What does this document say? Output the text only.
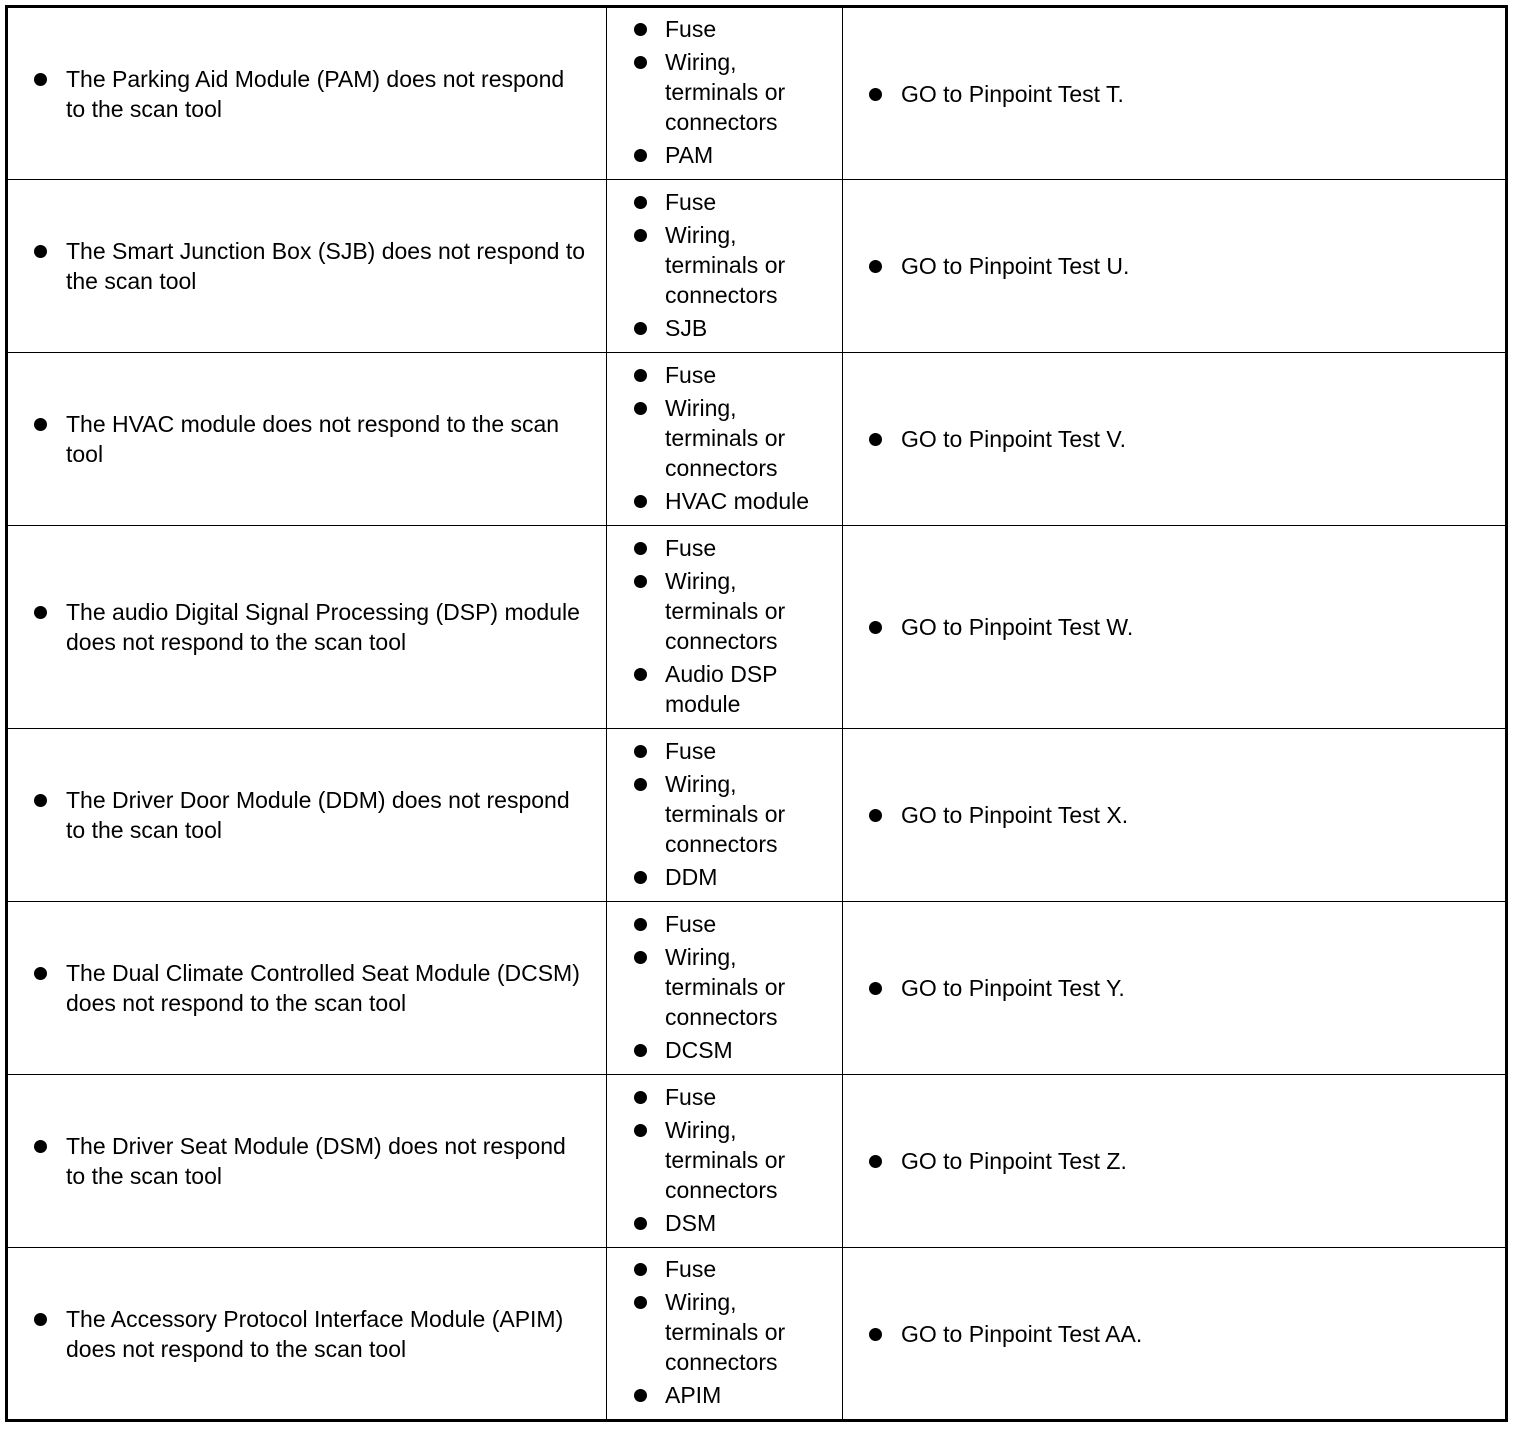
The Parking Aid Module (PAM) does not respond to the scan tool	Fuse
Wiring, terminals or connectors
PAM	GO to Pinpoint Test T.

The Smart Junction Box (SJB) does not respond to the scan tool	Fuse
Wiring, terminals or connectors
SJB	GO to Pinpoint Test U.

The HVAC module does not respond to the scan tool	Fuse
Wiring, terminals or connectors
HVAC module	GO to Pinpoint Test V.

The audio Digital Signal Processing (DSP) module does not respond to the scan tool	Fuse
Wiring, terminals or connectors
Audio DSP module	GO to Pinpoint Test W.

The Driver Door Module (DDM) does not respond to the scan tool	Fuse
Wiring, terminals or connectors
DDM	GO to Pinpoint Test X.

The Dual Climate Controlled Seat Module (DCSM) does not respond to the scan tool	Fuse
Wiring, terminals or connectors
DCSM	GO to Pinpoint Test Y.

The Driver Seat Module (DSM) does not respond to the scan tool	Fuse
Wiring, terminals or connectors
DSM	GO to Pinpoint Test Z.

The Accessory Protocol Interface Module (APIM) does not respond to the scan tool	Fuse
Wiring, terminals or connectors
APIM	GO to Pinpoint Test AA.
